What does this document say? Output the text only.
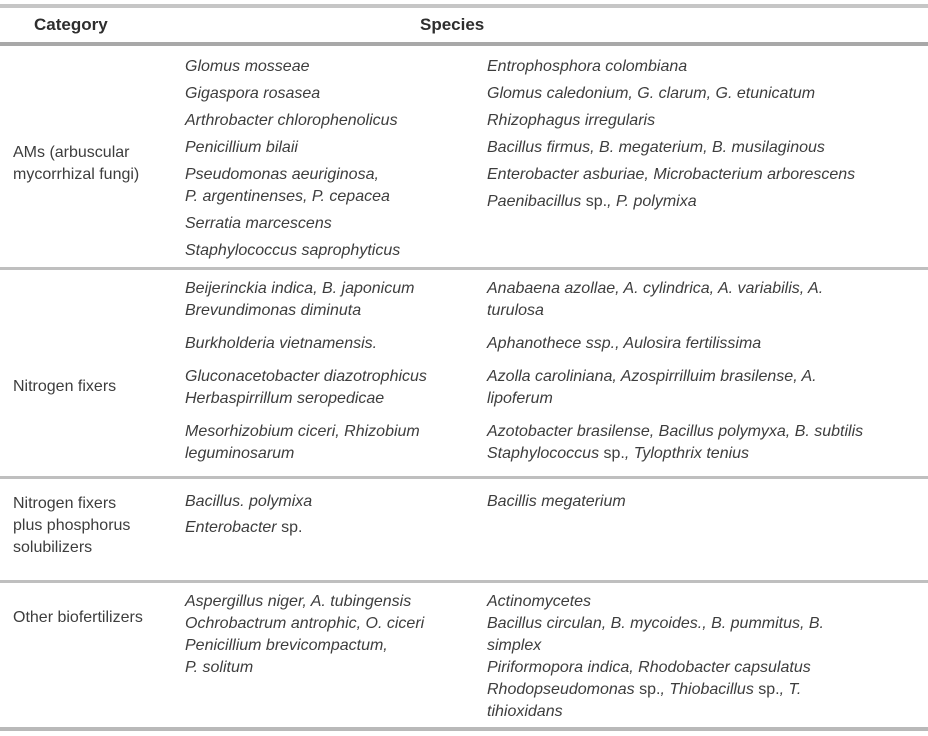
Category	Species
AMs (arbuscular
mycorrhizal fungi)

Glomus mosseae

Gigaspora rosasea

Arthrobacter chlorophenolicus

Penicillium bilaii

Pseudomonas aeuriginosa,
P. argentinenses, P. cepacea

Serratia marcescens

Staphylococcus saprophyticus

Entrophosphora colombiana

Glomus caledonium, G. clarum, G. etunicatum

Rhizophagus irregularis

Bacillus firmus, B. megaterium, B. musilaginous

Enterobacter asburiae, Microbacterium arborescens

Paenibacillus sp., P. polymixa

Nitrogen fixers

Beijerinckia indica, B. japonicum
Brevundimonas diminuta

Burkholderia vietnamensis.

Gluconacetobacter diazotrophicus
Herbaspirrillum seropedicae

Mesorhizobium ciceri, Rhizobium
leguminosarum

Anabaena azollae, A. cylindrica, A. variabilis, A.
turulosa

Aphanothece ssp., Aulosira fertilissima

Azolla caroliniana, Azospirrilluim brasilense, A.
lipoferum

Azotobacter brasilense, Bacillus polymyxa, B. subtilis
Staphylococcus sp., Tylopthrix tenius

Nitrogen fixers
plus phosphorus
solubilizers

Bacillus. polymixa

Enterobacter sp.

Bacillis megaterium

Other biofertilizers

Aspergillus niger, A. tubingensis
Ochrobactrum antrophic, O. ciceri
Penicillium brevicompactum,
P. solitum

Actinomycetes
Bacillus circulan, B. mycoides., B. pummitus, B.
simplex
Piriformopora indica, Rhodobacter capsulatus
Rhodopseudomonas sp., Thiobacillus sp., T.
tihioxidans
